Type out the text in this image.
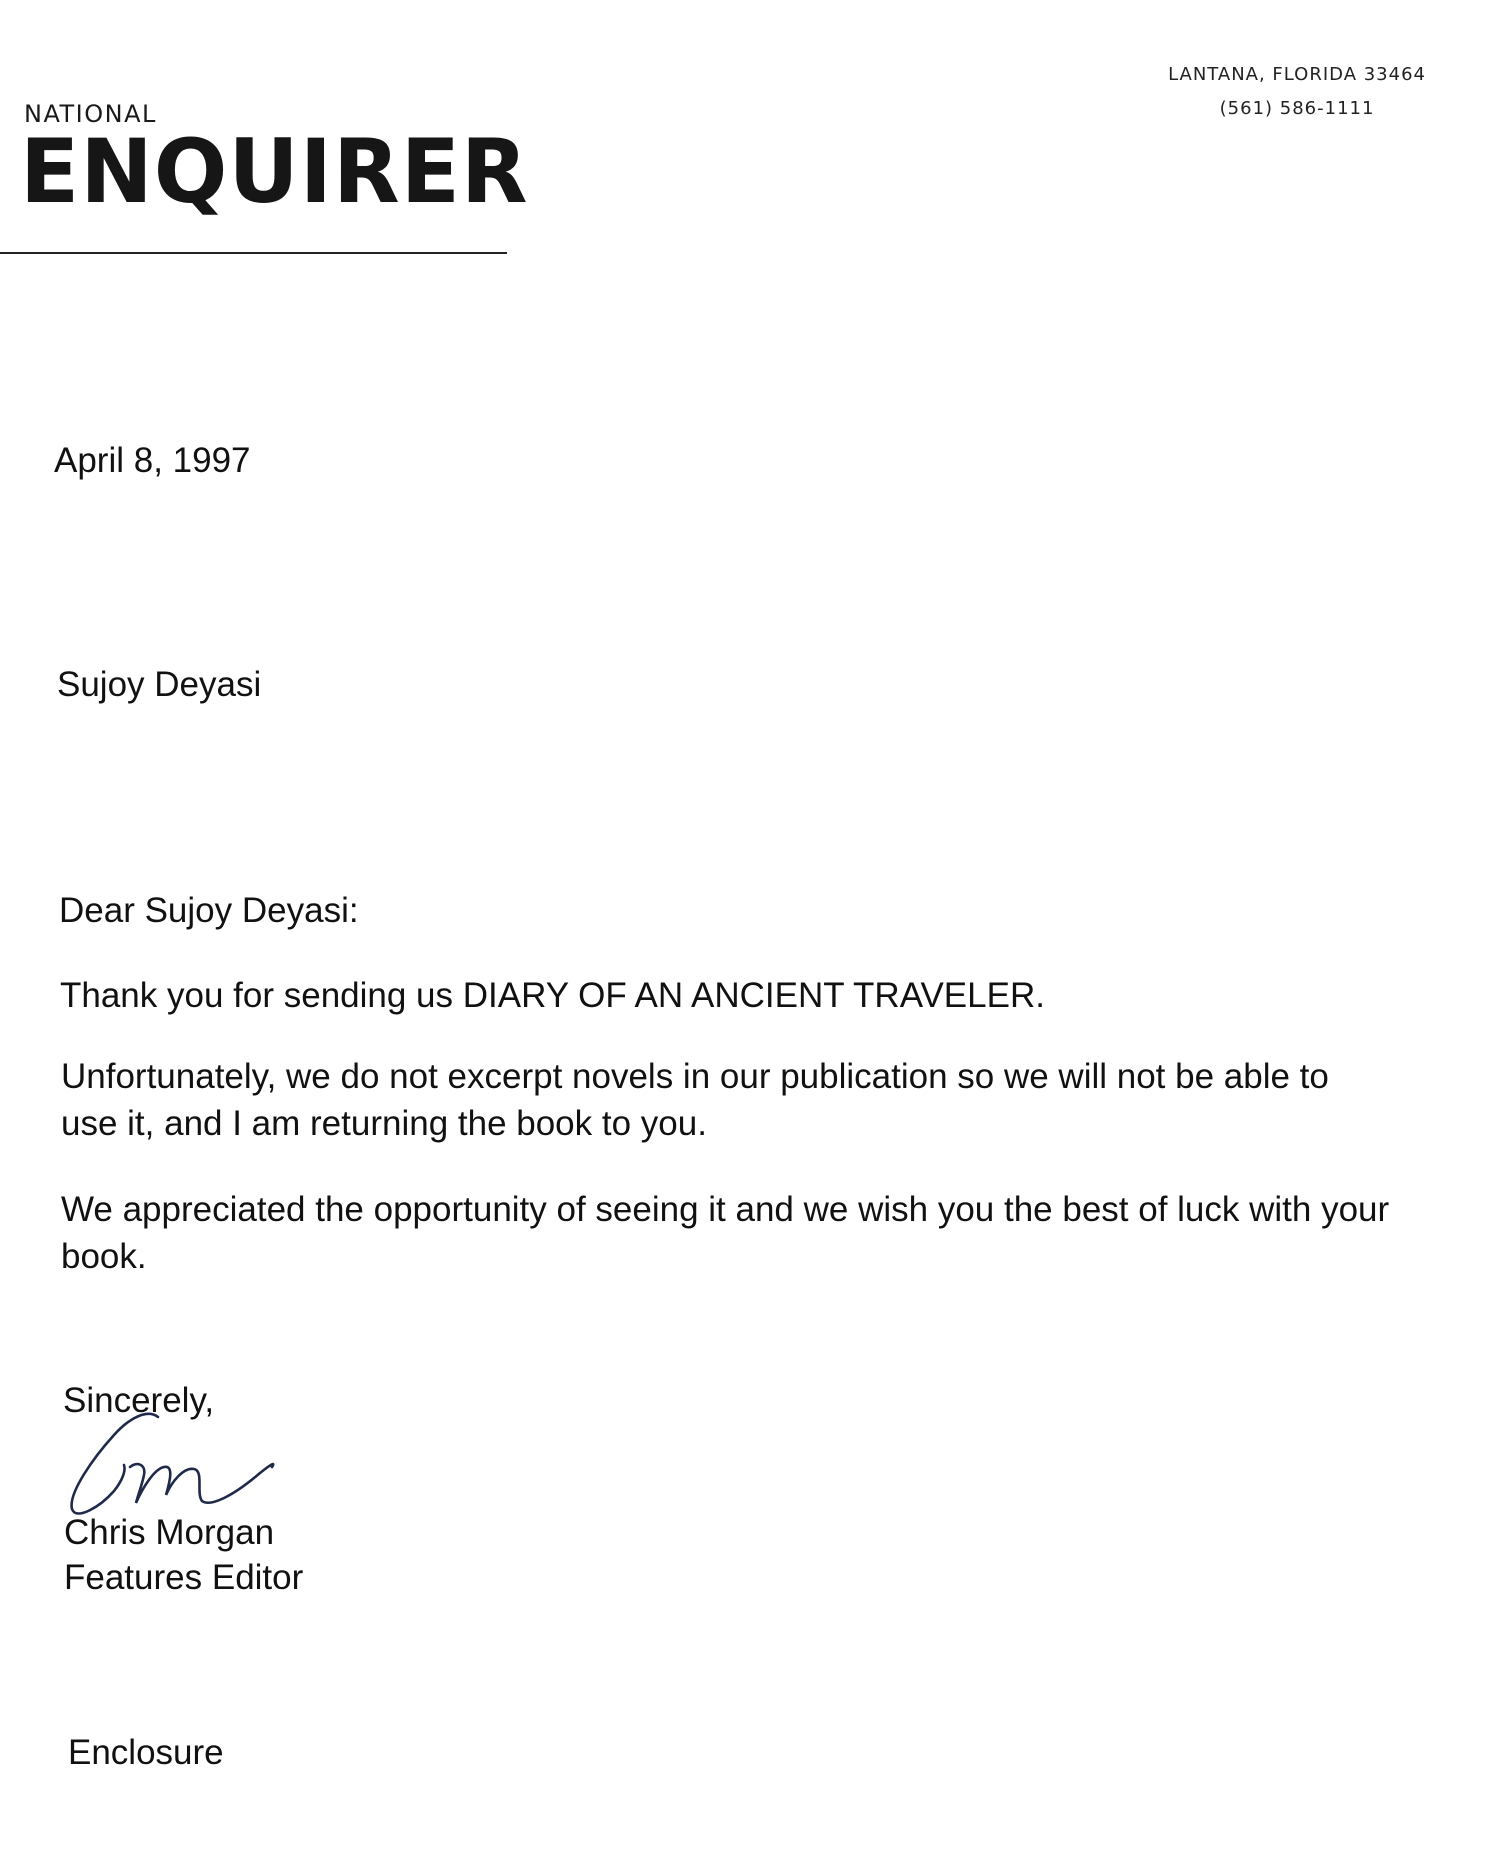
NATIONAL
ENQUIRER
LANTANA, FLORIDA 33464
(561) 586-1111
April 8, 1997
Sujoy Deyasi
Dear Sujoy Deyasi:
Thank you for sending us DIARY OF AN ANCIENT TRAVELER.
Unfortunately, we do not excerpt novels in our publication so we will not be able to use it, and I am returning the book to you.
We appreciated the opportunity of seeing it and we wish you the best of luck with your book.
Sincerely,
Chris Morgan
Features Editor
Enclosure
